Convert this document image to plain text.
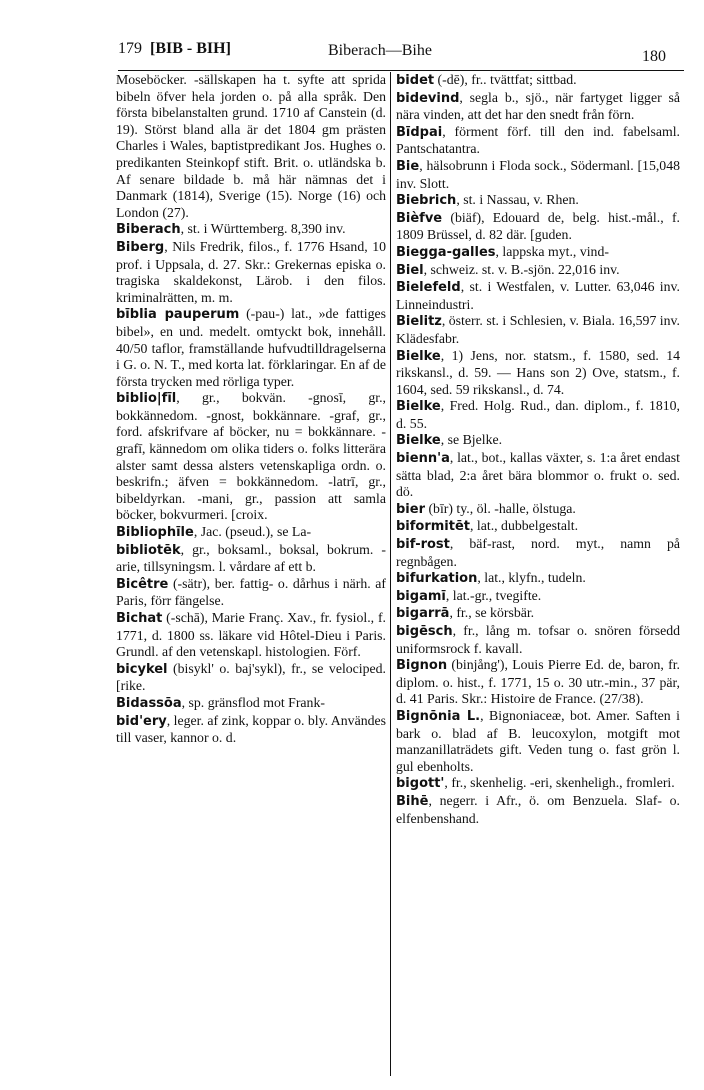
179 [BIB - BIH]	Biberach—Bihe	180
Moseböcker. -sällskapen ha t. syfte att sprida bibeln öfver hela jorden o. på alla språk. Den första bibelanstalten grund. 1710 af Canstein (d. 19). Störst bland alla är det 1804 gm prästen Charles i Wales, baptistpredikant Jos. Hughes o. predikanten Steinkopf stift. Brit. o. utländska b. Af senare bildade b. må här nämnas det i Danmark (1814), Sverige (15). Norge (16) och London (27).
Biberach, st. i Württemberg. 8,390 inv.
Biberg, Nils Fredrik, filos., f. 1776 Hsand, 10 prof. i Uppsala, d. 27. Skr.: Grekernas episka o. tragiska skaldekonst, Lärob. i den filos. kriminalrätten, m. m.
bīblia pauperum (-pau-) lat., »de fattiges bibel», en und. medelt. omtyckt bok, innehåll. 40/50 taflor, framställande hufvudtilldragelserna i G. o. N. T., med korta lat. förklaringar. En af de första trycken med rörliga typer.
biblio|fīl, gr., bokvän. -gnosī, gr., bokkännedom. -gnost, bokkännare. -graf, gr., ford. afskrifvare af böcker, nu = bokkännare. -grafī, kännedom om olika tiders o. folks litterära alster samt dessa alsters vetenskapliga ordn. o. beskrifn.; äfven = bokkännedom. -latrī, gr., bibeldyrkan. -mani, gr., passion att samla böcker, bokvurmeri. [croix.
Bibliophīle, Jac. (pseud.), se La-
bibliotēk, gr., boksaml., boksal, bokrum. -arie, tillsyningsm. l. vårdare af ett b.
Bicêtre (-sätr), ber. fattig- o. dårhus i närh. af Paris, förr fängelse.
Bichat (-schā), Marie Franç. Xav., fr. fysiol., f. 1771, d. 1800 ss. läkare vid Hôtel-Dieu i Paris. Grundl. af den vetenskapl. histologien. Förf.
bicykel (bisykl' o. baj'sykl), fr., se velociped. [rike.
Bidassōa, sp. gränsflod mot Frank-
bid'ery, leger. af zink, koppar o. bly. Användes till vaser, kannor o. d.
bidet (-dē), fr.. tvättfat; sittbad.
bidevind, segla b., sjö., när fartyget ligger så nära vinden, att det har den snedt från förn.
Bīdpai, förment förf. till den ind. fabelsaml. Pantschatantra.
Bie, hälsobrunn i Floda sock., Södermanl. [15,048 inv. Slott.
Biebrich, st. i Nassau, v. Rhen.
Bièfve (biäf), Edouard de, belg. hist.-mål., f. 1809 Brüssel, d. 82 där. [guden.
Biegga-galles, lappska myt., vind-
Biel, schweiz. st. v. B.-sjön. 22,016 inv.
Bielefeld, st. i Westfalen, v. Lutter. 63,046 inv. Linneindustri.
Bielitz, österr. st. i Schlesien, v. Biala. 16,597 inv. Klädesfabr.
Bielke, 1) Jens, nor. statsm., f. 1580, sed. 14 rikskansl., d. 59. — Hans son 2) Ove, statsm., f. 1604, sed. 59 rikskansl., d. 74.
Bielke, Fred. Holg. Rud., dan. diplom., f. 1810, d. 55.
Bielke, se Bjelke.
bienn'a, lat., bot., kallas växter, s. 1:a året endast sätta blad, 2:a året bära blommor o. frukt o. sed. dö.
bier (bīr) ty., öl. -halle, ölstuga.
biformitēt, lat., dubbelgestalt.
bif-rost, bäf-rast, nord. myt., namn på regnbågen.
bifurkation, lat., klyfn., tudeln.
bigamī, lat.-gr., tvegifte.
bigarrā, fr., se körsbär.
bigēsch, fr., lång m. tofsar o. snören försedd uniformsrock f. kavall.
Bignon (binjång'), Louis Pierre Ed. de, baron, fr. diplom. o. hist., f. 1771, 15 o. 30 utr.-min., 37 pär, d. 41 Paris. Skr.: Histoire de France. (27/38).
Bignōnia L., Bignoniaceæ, bot. Amer. Saften i bark o. blad af B. leucoxylon, motgift mot manzanillaträdets gift. Veden tung o. fast grön l. gul ebenholts.
bigott', fr., skenhelig. -eri, skenheligh., fromleri.
Bihē, negerr. i Afr., ö. om Benzuela. Slaf- o. elfenbenshand.
